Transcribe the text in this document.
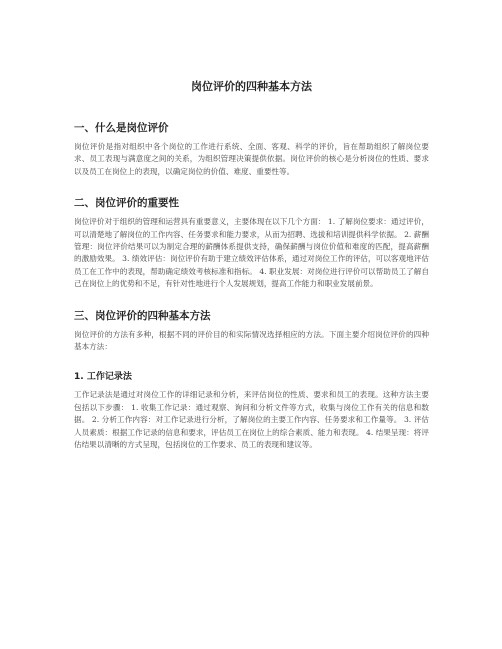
岗位评价的四种基本方法
一、什么是岗位评价

岗位评价是指对组织中各个岗位的工作进行系统、全面、客观、科学的评价，旨在帮助组织了解岗位要求、员工表现与满意度之间的关系，为组织管理决策提供依据。岗位评价的核心是分析岗位的性质、要求以及员工在岗位上的表现，以确定岗位的价值、难度、重要性等。

二、岗位评价的重要性

岗位评价对于组织的管理和运营具有重要意义，主要体现在以下几个方面： 1. 了解岗位要求：通过评价，可以清楚地了解岗位的工作内容、任务要求和能力要求，从而为招聘、选拔和培训提供科学依据。 2. 薪酬管理：岗位评价结果可以为制定合理的薪酬体系提供支持，确保薪酬与岗位价值和难度的匹配，提高薪酬的激励效果。 3. 绩效评估：岗位评价有助于建立绩效评估体系，通过对岗位工作的评估，可以客观地评估员工在工作中的表现，帮助确定绩效考核标准和指标。 4. 职业发展：对岗位进行评价可以帮助员工了解自己在岗位上的优势和不足，有针对性地进行个人发展规划，提高工作能力和职业发展前景。

三、岗位评价的四种基本方法

岗位评价的方法有多种，根据不同的评价目的和实际情况选择相应的方法。下面主要介绍岗位评价的四种基本方法：

1. 工作记录法

工作记录法是通过对岗位工作的详细记录和分析，来评估岗位的性质、要求和员工的表现。这种方法主要包括以下步骤： 1. 收集工作记录：通过观察、询问和分析文件等方式，收集与岗位工作有关的信息和数据。 2. 分析工作内容：对工作记录进行分析，了解岗位的主要工作内容、任务要求和工作量等。 3. 评估人员素质：根据工作记录的信息和要求，评估员工在岗位上的综合素质、能力和表现。 4. 结果呈现：将评估结果以清晰的方式呈现，包括岗位的工作要求、员工的表现和建议等。
